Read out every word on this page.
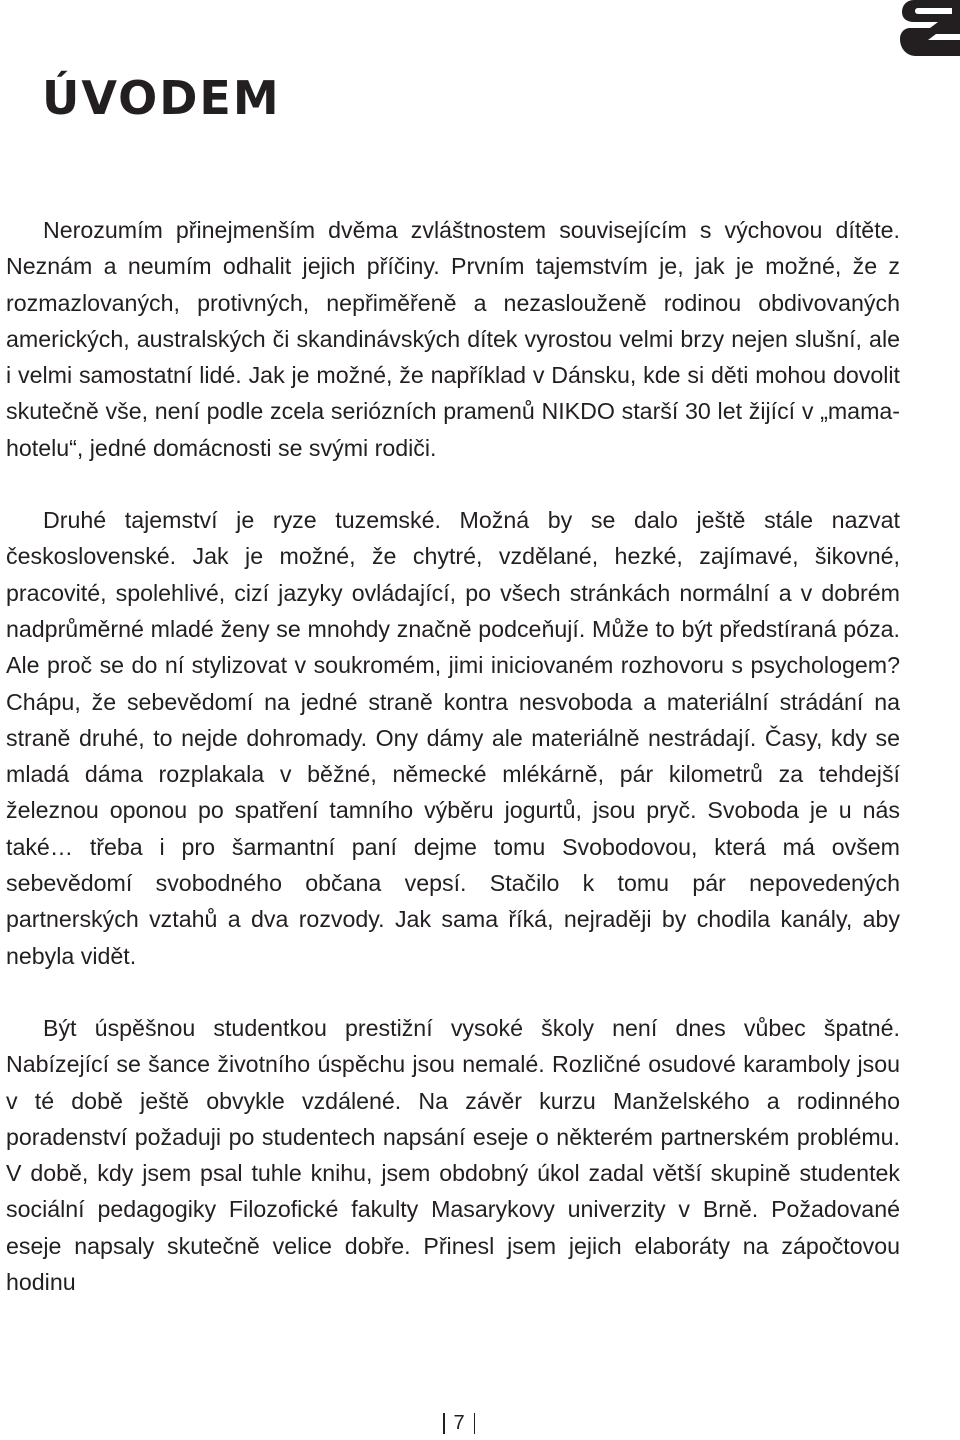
ÚVODEM

Nerozumím přinejmenším dvěma zvláštnostem souvisejícím s výchovou dítěte. Neznám a neumím odhalit jejich příčiny. Prvním tajemstvím je, jak je možné, že z rozmazlovaných, protivných, nepřiměřeně a nezaslouženě rodinou obdivovaných amerických, australských či skandinávských dítek vyrostou velmi brzy nejen slušní, ale i velmi samostatní lidé. Jak je možné, že například v Dánsku, kde si děti mohou dovolit skutečně vše, není podle zcela seriózních pramenů NIKDO starší 30 let žijící v „mama-hotelu“, jedné domácnosti se svými rodiči.

Druhé tajemství je ryze tuzemské. Možná by se dalo ještě stále nazvat československé. Jak je možné, že chytré, vzdělané, hezké, zajímavé, šikovné, pracovité, spolehlivé, cizí jazyky ovládající, po všech stránkách normální a v dobrém nadprůměrné mladé ženy se mnohdy značně podceňují. Může to být předstíraná póza. Ale proč se do ní stylizovat v soukromém, jimi iniciovaném rozhovoru s psychologem? Chápu, že sebevědomí na jedné straně kontra nesvoboda a materiální strádání na straně druhé, to nejde dohromady. Ony dámy ale materiálně nestrádají. Časy, kdy se mladá dáma rozplakala v běžné, německé mlékárně, pár kilometrů za tehdejší železnou oponou po spatření tamního výběru jogurtů, jsou pryč. Svoboda je u nás také… třeba i pro šarmantní paní dejme tomu Svobodovou, která má ovšem sebevědomí svobodného občana vepsí. Stačilo k tomu pár nepovedených partnerských vztahů a dva rozvody. Jak sama říká, nejraději by chodila kanály, aby nebyla vidět.

Být úspěšnou studentkou prestižní vysoké školy není dnes vůbec špatné. Nabízející se šance životního úspěchu jsou nemalé. Rozličné osudové karamboly jsou v té době ještě obvykle vzdálené. Na závěr kurzu Manželského a rodinného poradenství požaduji po studentech napsání eseje o některém partnerském problému. V době, kdy jsem psal tuhle knihu, jsem obdobný úkol zadal větší skupině studentek sociální pedagogiky Filozofické fakulty Masarykovy univerzity v Brně. Požadované eseje napsaly skutečně velice dobře. Přinesl jsem jejich elaboráty na zápočtovou hodinu

7
